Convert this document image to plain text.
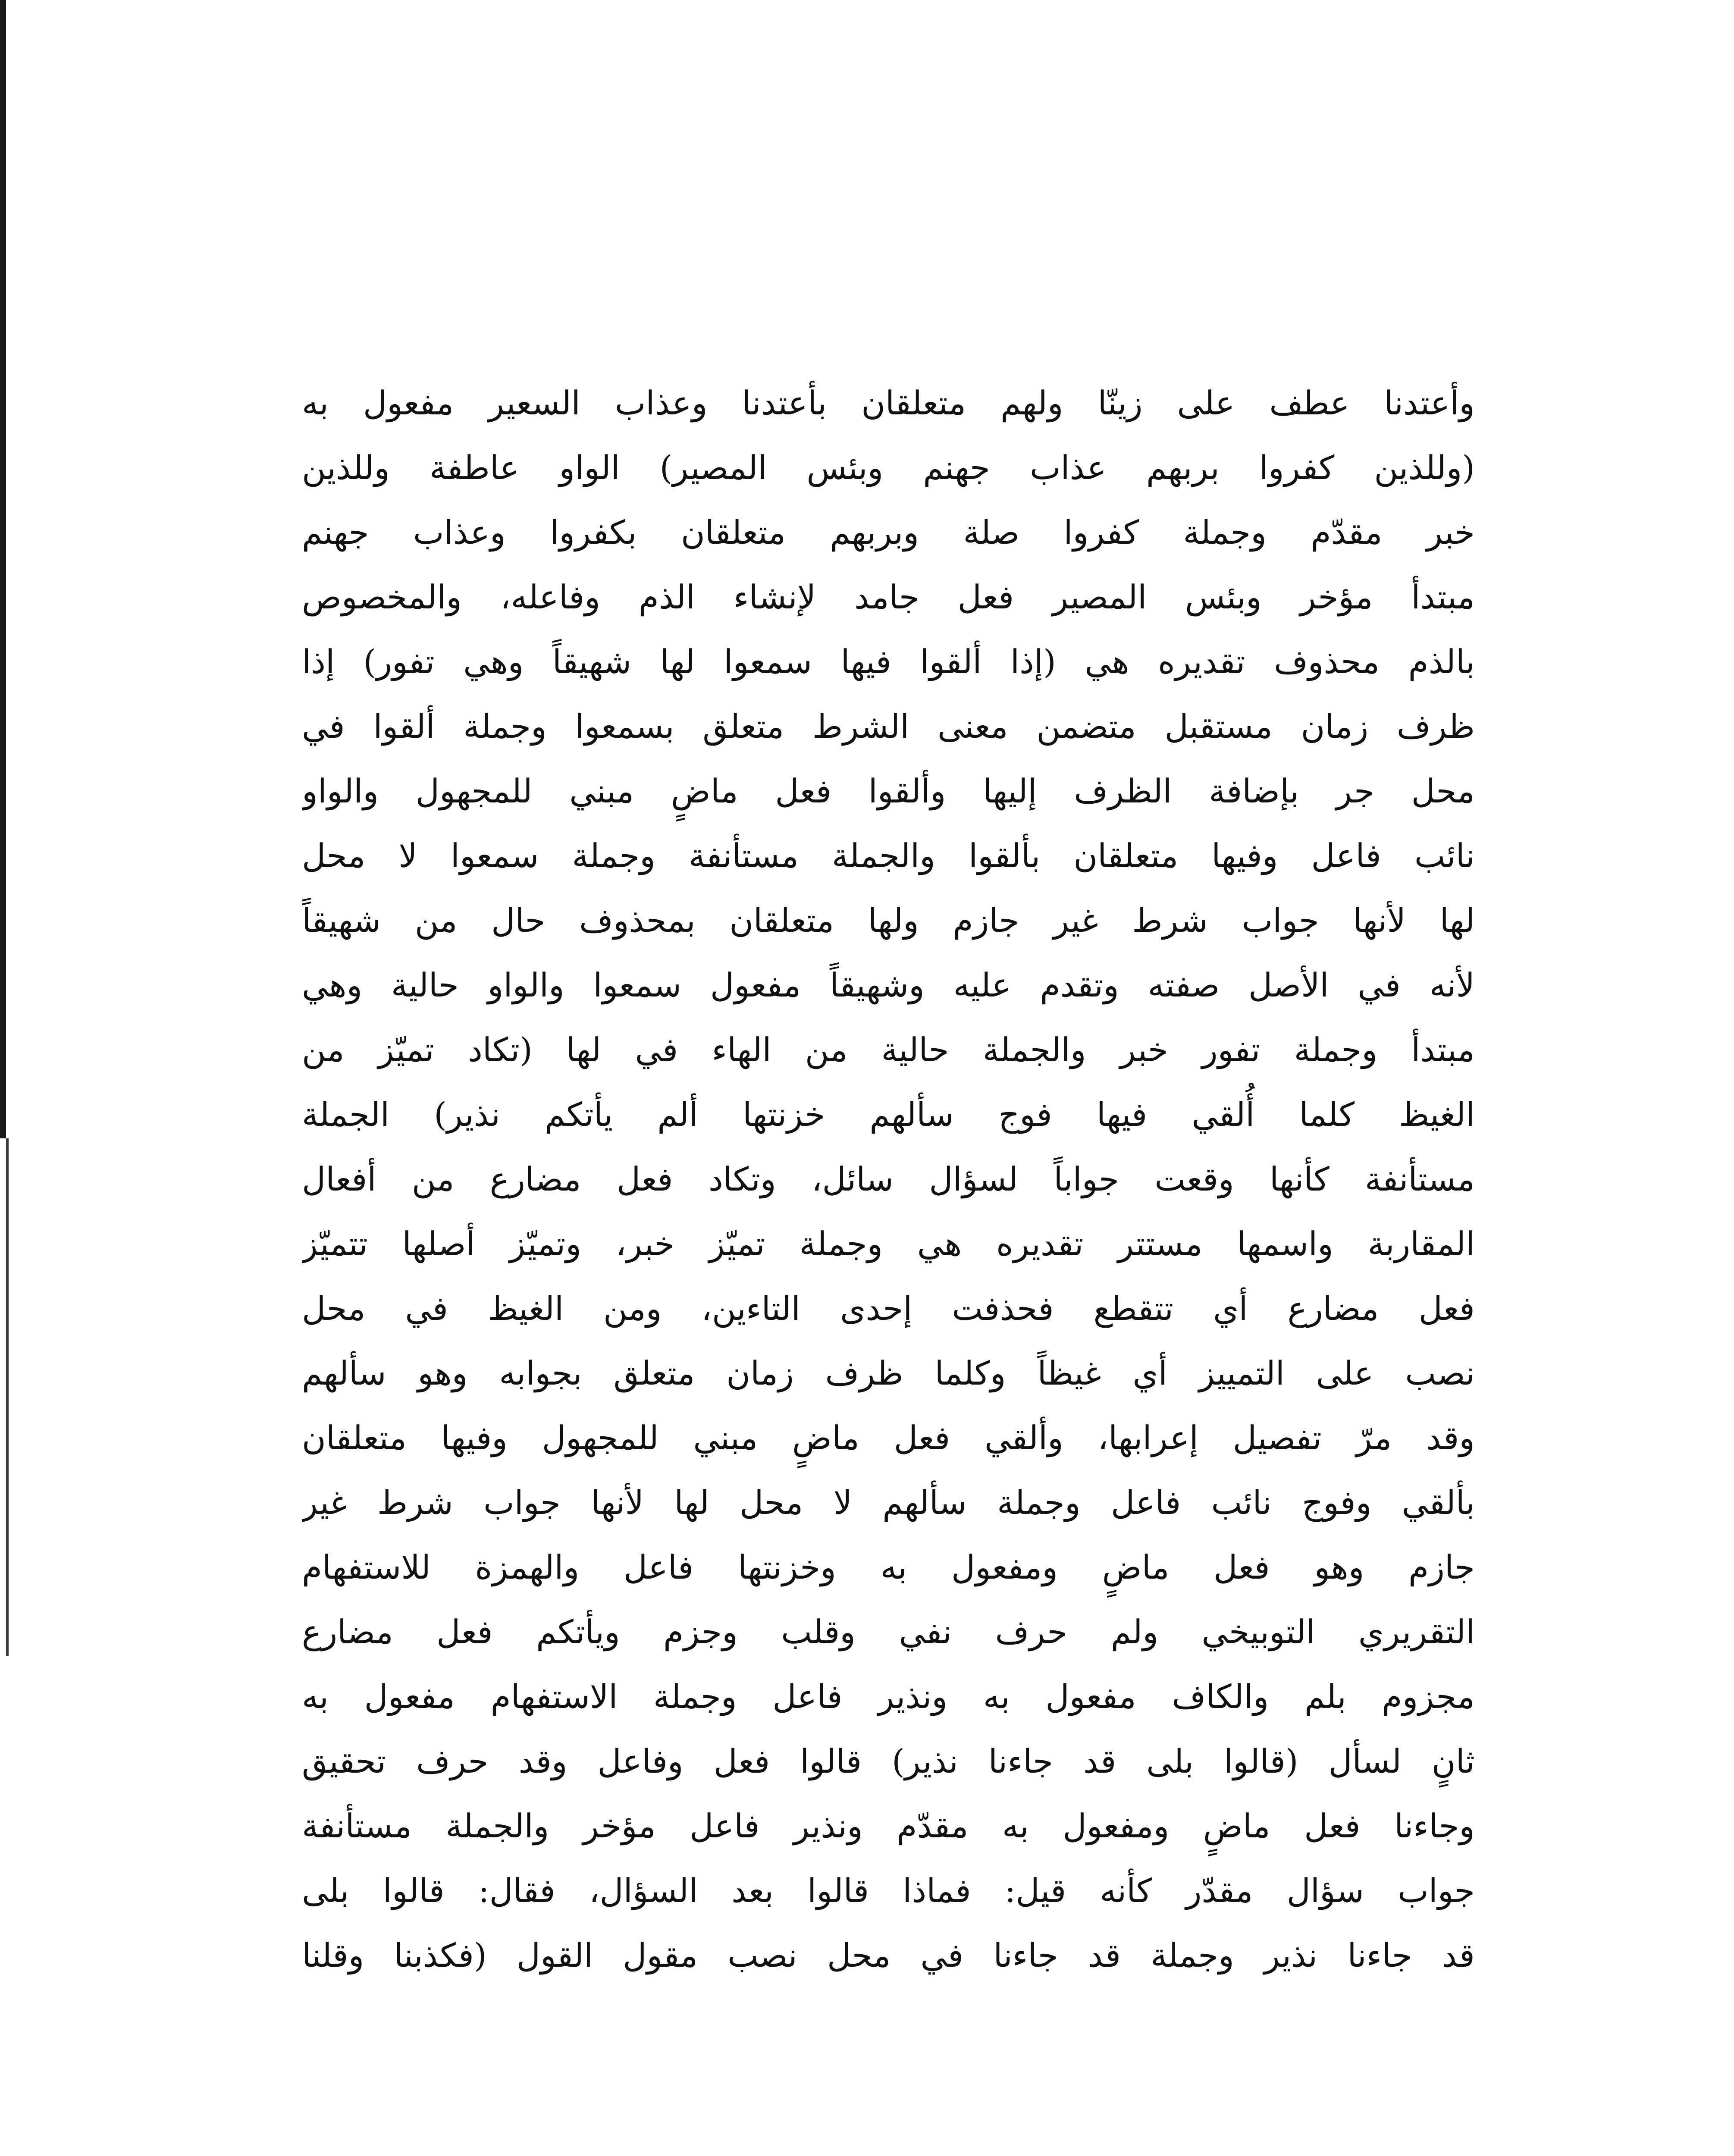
وأعتدنا عطف على زينّا ولهم متعلقان بأعتدنا وعذاب السعير مفعول به
(وللذين كفروا بربهم عذاب جهنم وبئس المصير) الواو عاطفة وللذين
خبر مقدّم وجملة كفروا صلة وبربهم متعلقان بكفروا وعذاب جهنم
مبتدأ مؤخر وبئس المصير فعل جامد لإنشاء الذم وفاعله، والمخصوص
بالذم محذوف تقديره هي (إذا ألقوا فيها سمعوا لها شهيقاً وهي تفور) إذا
ظرف زمان مستقبل متضمن معنى الشرط متعلق بسمعوا وجملة ألقوا في
محل جر بإضافة الظرف إليها وألقوا فعل ماضٍ مبني للمجهول والواو
نائب فاعل وفيها متعلقان بألقوا والجملة مستأنفة وجملة سمعوا لا محل
لها لأنها جواب شرط غير جازم ولها متعلقان بمحذوف حال من شهيقاً
لأنه في الأصل صفته وتقدم عليه وشهيقاً مفعول سمعوا والواو حالية وهي
مبتدأ وجملة تفور خبر والجملة حالية من الهاء في لها (تكاد تميّز من
الغيظ كلما أُلقي فيها فوج سألهم خزنتها ألم يأتكم نذير) الجملة
مستأنفة كأنها وقعت جواباً لسؤال سائل، وتكاد فعل مضارع من أفعال
المقاربة واسمها مستتر تقديره هي وجملة تميّز خبر، وتميّز أصلها تتميّز
فعل مضارع أي تتقطع فحذفت إحدى التاءين، ومن الغيظ في محل
نصب على التمييز أي غيظاً وكلما ظرف زمان متعلق بجوابه وهو سألهم
وقد مرّ تفصيل إعرابها، وألقي فعل ماضٍ مبني للمجهول وفيها متعلقان
بألقي وفوج نائب فاعل وجملة سألهم لا محل لها لأنها جواب شرط غير
جازم وهو فعل ماضٍ ومفعول به وخزنتها فاعل والهمزة للاستفهام
التقريري التوبيخي ولم حرف نفي وقلب وجزم ويأتكم فعل مضارع
مجزوم بلم والكاف مفعول به ونذير فاعل وجملة الاستفهام مفعول به
ثانٍ لسأل (قالوا بلى قد جاءنا نذير) قالوا فعل وفاعل وقد حرف تحقيق
وجاءنا فعل ماضٍ ومفعول به مقدّم ونذير فاعل مؤخر والجملة مستأنفة
جواب سؤال مقدّر كأنه قيل: فماذا قالوا بعد السؤال، فقال: قالوا بلى
قد جاءنا نذير وجملة قد جاءنا في محل نصب مقول القول (فكذبنا وقلنا
